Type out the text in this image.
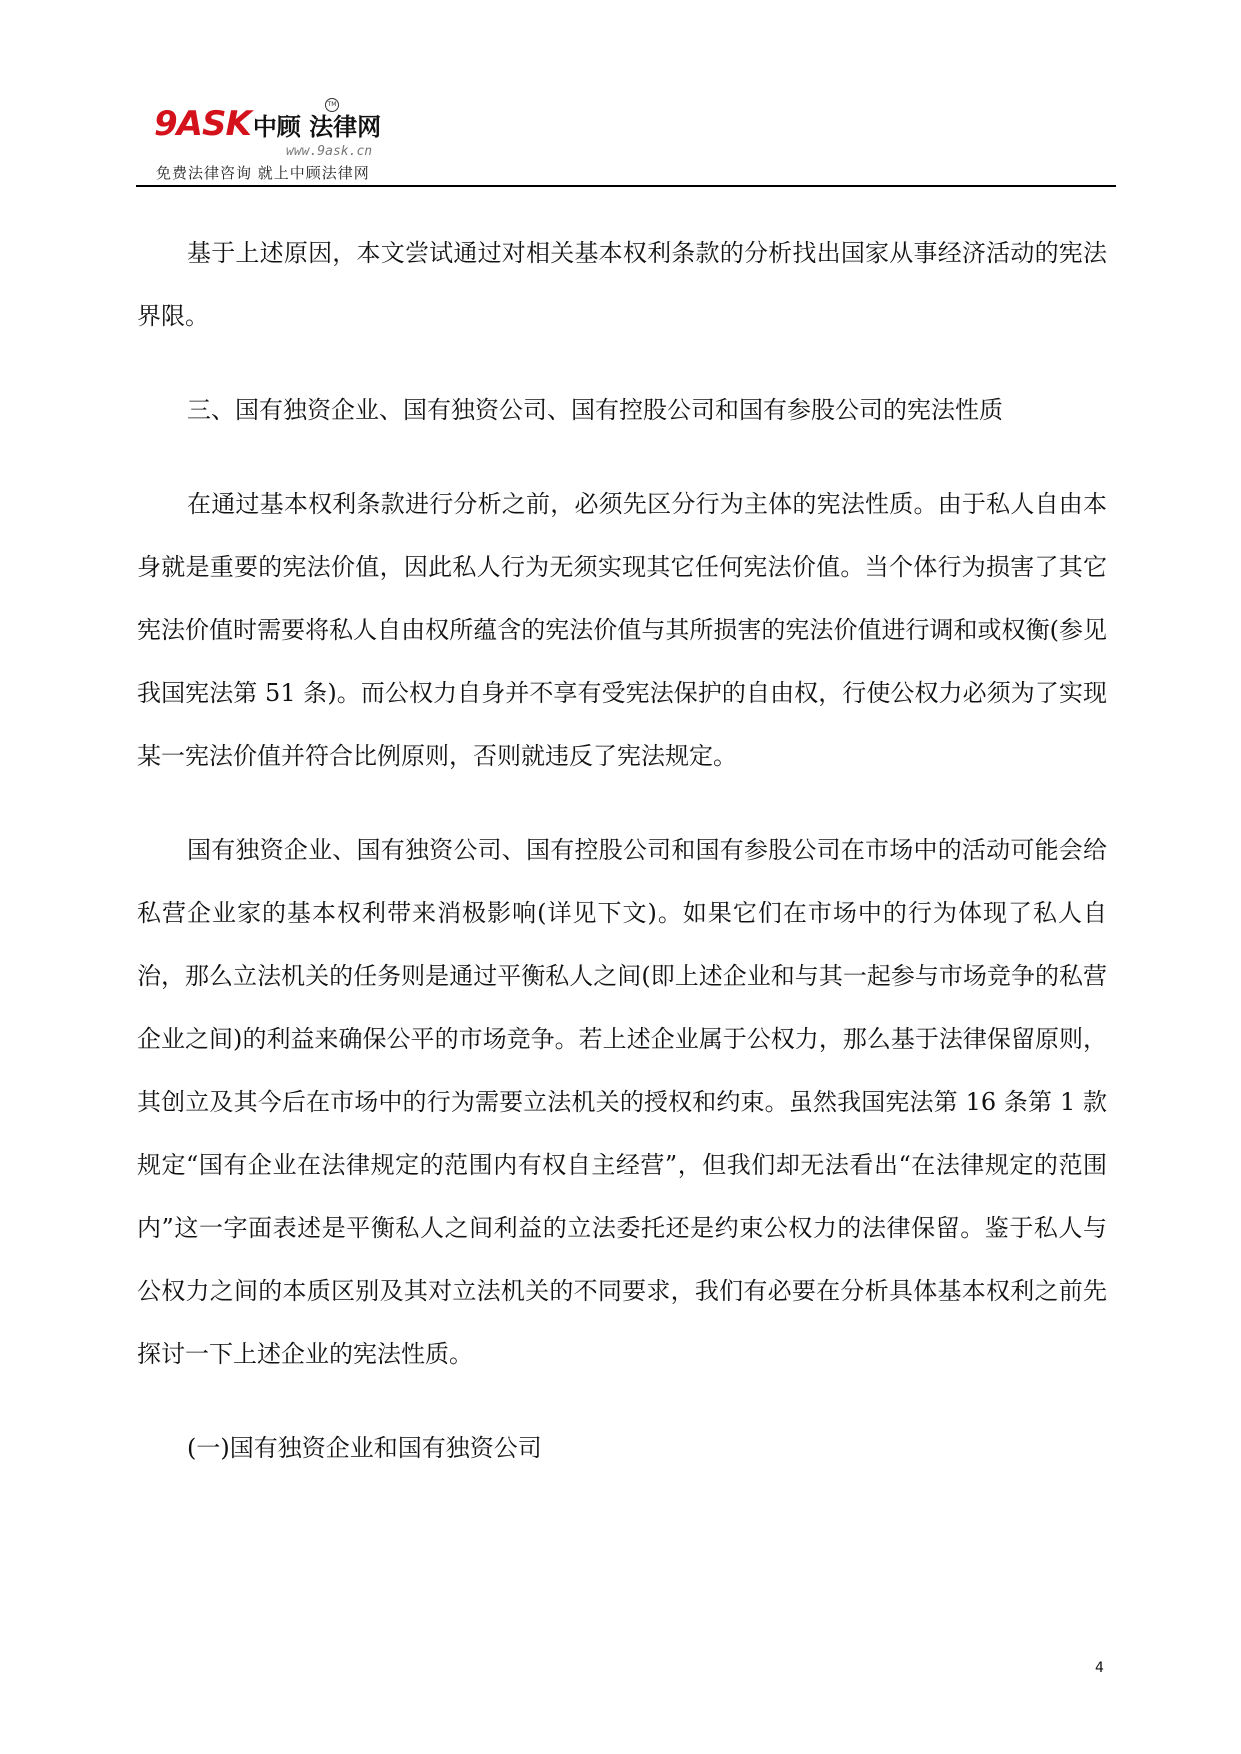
9ASK 中顾 法律网
TM
www.9ask.cn
免费法律咨询 就上中顾法律网

基于上述原因，本文尝试通过对相关基本权利条款的分析找出国家从事经济活动的宪法界限。

三、国有独资企业、国有独资公司、国有控股公司和国有参股公司的宪法性质

在通过基本权利条款进行分析之前，必须先区分行为主体的宪法性质。由于私人自由本身就是重要的宪法价值，因此私人行为无须实现其它任何宪法价值。当个体行为损害了其它宪法价值时需要将私人自由权所蕴含的宪法价值与其所损害的宪法价值进行调和或权衡(参见我国宪法第 51 条)。而公权力自身并不享有受宪法保护的自由权，行使公权力必须为了实现某一宪法价值并符合比例原则，否则就违反了宪法规定。

国有独资企业、国有独资公司、国有控股公司和国有参股公司在市场中的活动可能会给私营企业家的基本权利带来消极影响(详见下文)。如果它们在市场中的行为体现了私人自治，那么立法机关的任务则是通过平衡私人之间(即上述企业和与其一起参与市场竞争的私营企业之间)的利益来确保公平的市场竞争。若上述企业属于公权力，那么基于法律保留原则，其创立及其今后在市场中的行为需要立法机关的授权和约束。虽然我国宪法第 16 条第 1 款规定“国有企业在法律规定的范围内有权自主经营”，但我们却无法看出“在法律规定的范围内”这一字面表述是平衡私人之间利益的立法委托还是约束公权力的法律保留。鉴于私人与公权力之间的本质区别及其对立法机关的不同要求，我们有必要在分析具体基本权利之前先探讨一下上述企业的宪法性质。

(一)国有独资企业和国有独资公司

4
